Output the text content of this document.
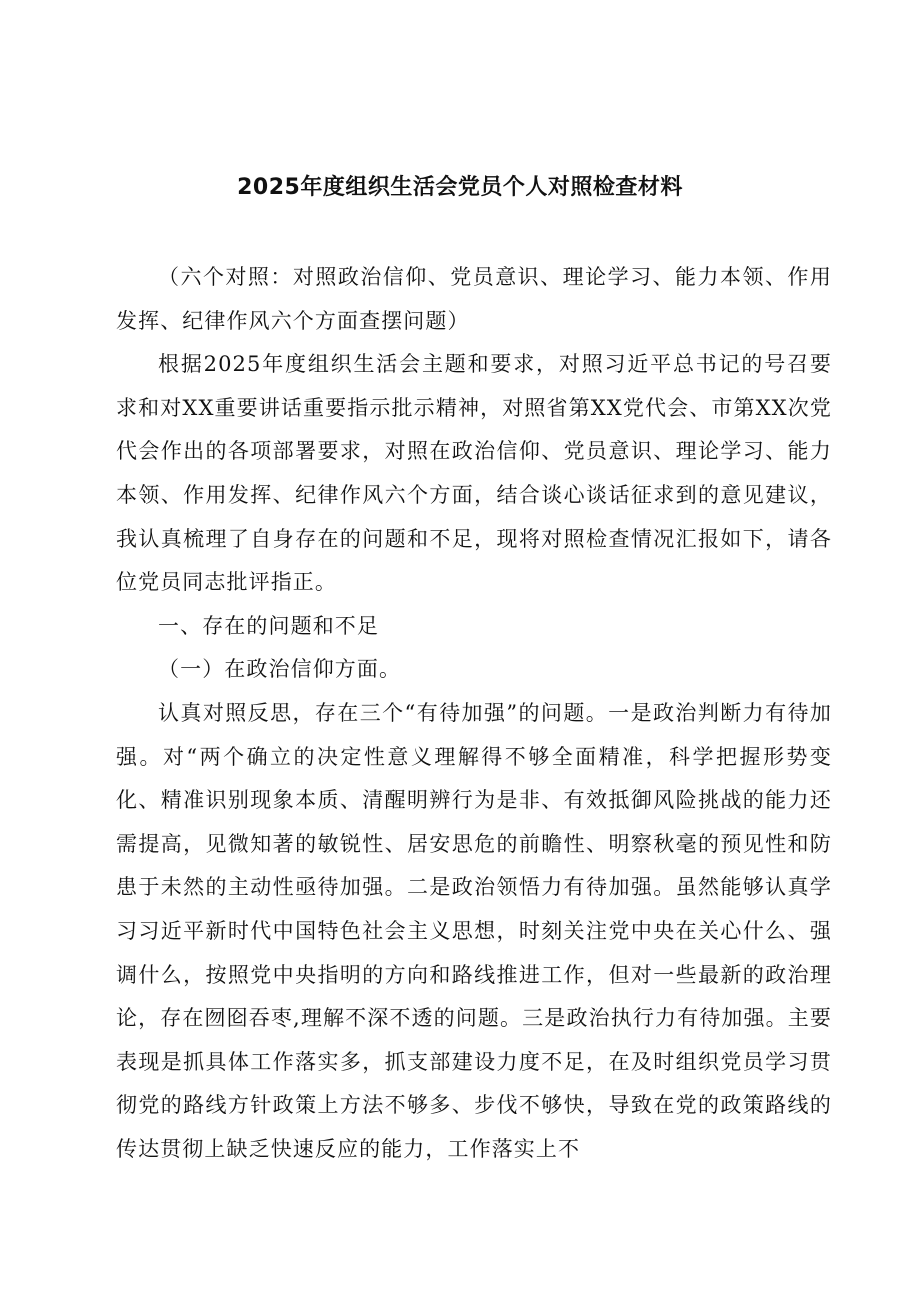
2025年度组织生活会党员个人对照检查材料

（六个对照：对照政治信仰、党员意识、理论学习、能力本领、作用发挥、纪律作风六个方面查摆问题）

根据2025年度组织生活会主题和要求，对照习近平总书记的号召要求和对XX重要讲话重要指示批示精神，对照省第XX党代会、市第XX次党代会作出的各项部署要求，对照在政治信仰、党员意识、理论学习、能力本领、作用发挥、纪律作风六个方面，结合谈心谈话征求到的意见建议，我认真梳理了自身存在的问题和不足，现将对照检查情况汇报如下，请各位党员同志批评指正。

一、存在的问题和不足

（一）在政治信仰方面。

认真对照反思，存在三个“有待加强”的问题。一是政治判断力有待加强。对“两个确立的决定性意义理解得不够全面精准，科学把握形势变化、精准识别现象本质、清醒明辨行为是非、有效抵御风险挑战的能力还需提高，见微知著的敏锐性、居安思危的前瞻性、明察秋毫的预见性和防患于未然的主动性亟待加强。二是政治领悟力有待加强。虽然能够认真学习习近平新时代中国特色社会主义思想，时刻关注党中央在关心什么、强调什么，按照党中央指明的方向和路线推进工作，但对一些最新的政治理论，存在囫囵吞枣,理解不深不透的问题。三是政治执行力有待加强。主要表现是抓具体工作落实多，抓支部建设力度不足，在及时组织党员学习贯彻党的路线方针政策上方法不够多、步伐不够快，导致在党的政策路线的传达贯彻上缺乏快速反应的能力，工作落实上不
